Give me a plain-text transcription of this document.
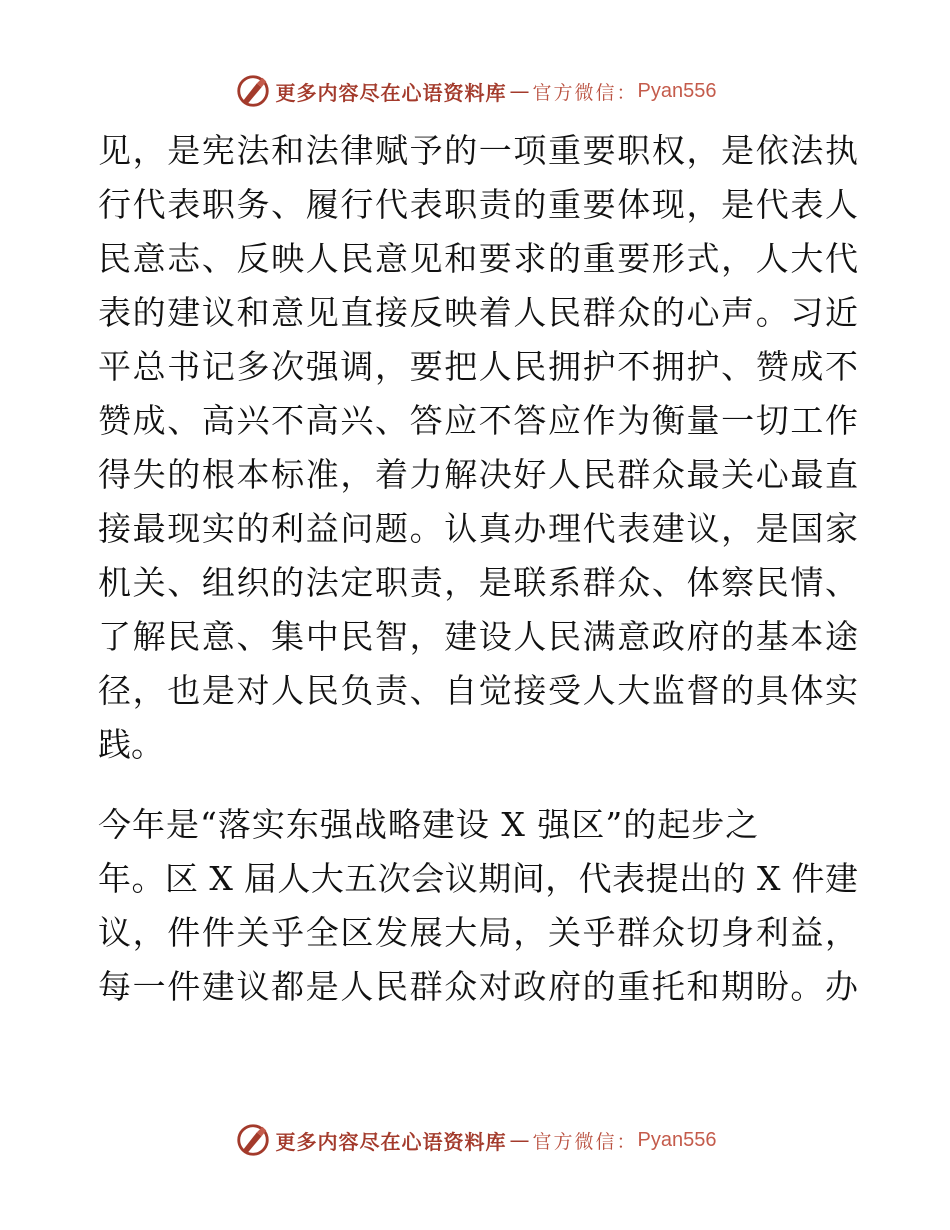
更多内容尽在心语资料库 — 官方微信： Pyan556
见，是宪法和法律赋予的一项重要职权，是依法执
行代表职务、履行代表职责的重要体现，是代表人
民意志、反映人民意见和要求的重要形式，人大代
表的建议和意见直接反映着人民群众的心声。习近
平总书记多次强调，要把人民拥护不拥护、赞成不
赞成、高兴不高兴、答应不答应作为衡量一切工作
得失的根本标准，着力解决好人民群众最关心最直
接最现实的利益问题。认真办理代表建议，是国家
机关、组织的法定职责，是联系群众、体察民情、
了解民意、集中民智，建设人民满意政府的基本途
径，也是对人民负责、自觉接受人大监督的具体实
践。
今年是“落实东强战略建设 X 强区”的起步之
年。区 X 届人大五次会议期间，代表提出的 X 件建
议，件件关乎全区发展大局，关乎群众切身利益，
每一件建议都是人民群众对政府的重托和期盼。办
更多内容尽在心语资料库 — 官方微信： Pyan556
